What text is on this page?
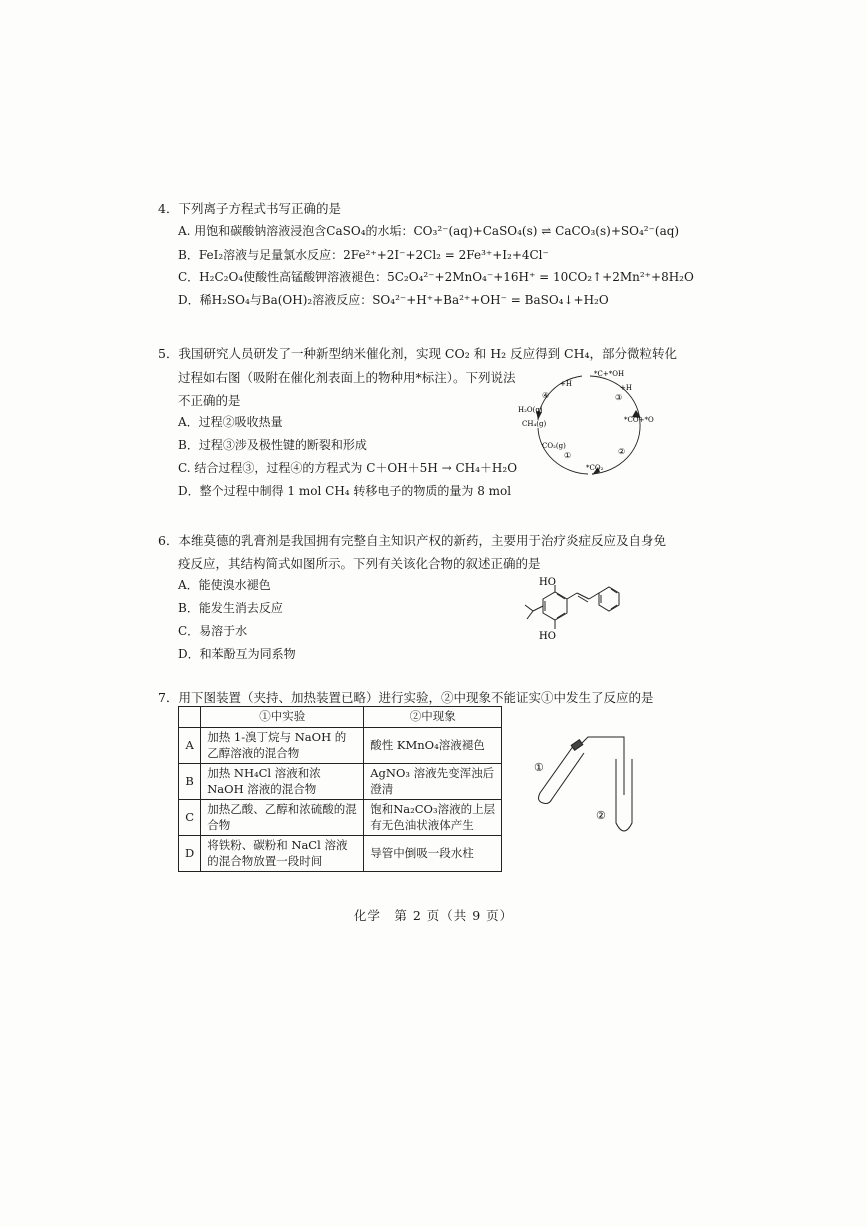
4．下列离子方程式书写正确的是
A. 用饱和碳酸钠溶液浸泡含CaSO₄的水垢：CO₃²⁻(aq)+CaSO₄(s) ⇌ CaCO₃(s)+SO₄²⁻(aq)
B．FeI₂溶液与足量氯水反应：2Fe²⁺+2I⁻+2Cl₂ = 2Fe³⁺+I₂+4Cl⁻
C．H₂C₂O₄使酸性高锰酸钾溶液褪色：5C₂O₄²⁻+2MnO₄⁻+16H⁺ = 10CO₂↑+2Mn²⁺+8H₂O
D．稀H₂SO₄与Ba(OH)₂溶液反应：SO₄²⁻+H⁺+Ba²⁺+OH⁻ = BaSO₄↓+H₂O
5．我国研究人员研发了一种新型纳米催化剂，实现 CO₂ 和 H₂ 反应得到 CH₄，部分微粒转化
过程如右图（吸附在催化剂表面上的物种用*标注）。下列说法
不正确的是
A．过程②吸收热量
B．过程③涉及极性键的断裂和形成
C. 结合过程③，过程④的方程式为 C＋OH＋5H → CH₄＋H₂O
D．整个过程中制得 1 mol CH₄ 转移电子的物质的量为 8 mol
*C+*OH
+H	+H
*CO+*O
*CO₂
CO₂(g)
H₂O(g)
CH₄(g)
①	②
③
④
6．本维莫德的乳膏剂是我国拥有完整自主知识产权的新药，主要用于治疗炎症反应及自身免
疫反应，其结构简式如图所示。下列有关该化合物的叙述正确的是
A．能使溴水褪色
B．能发生消去反应
C．易溶于水
D．和苯酚互为同系物
HO
HO
7．用下图装置（夹持、加热装置已略）进行实验，②中现象不能证实①中发生了反应的是
	①中实验	②中现象
A	加热 1-溴丁烷与 NaOH 的乙醇溶液的混合物	酸性 KMnO₄溶液褪色
B	加热 NH₄Cl 溶液和浓 NaOH 溶液的混合物	AgNO₃ 溶液先变浑浊后澄清
C	加热乙酸、乙醇和浓硫酸的混合物	饱和Na₂CO₃溶液的上层有无色油状液体产生
D	将铁粉、碳粉和 NaCl 溶液的混合物放置一段时间	导管中倒吸一段水柱
①
②
化学　第 2 页（共 9 页）
